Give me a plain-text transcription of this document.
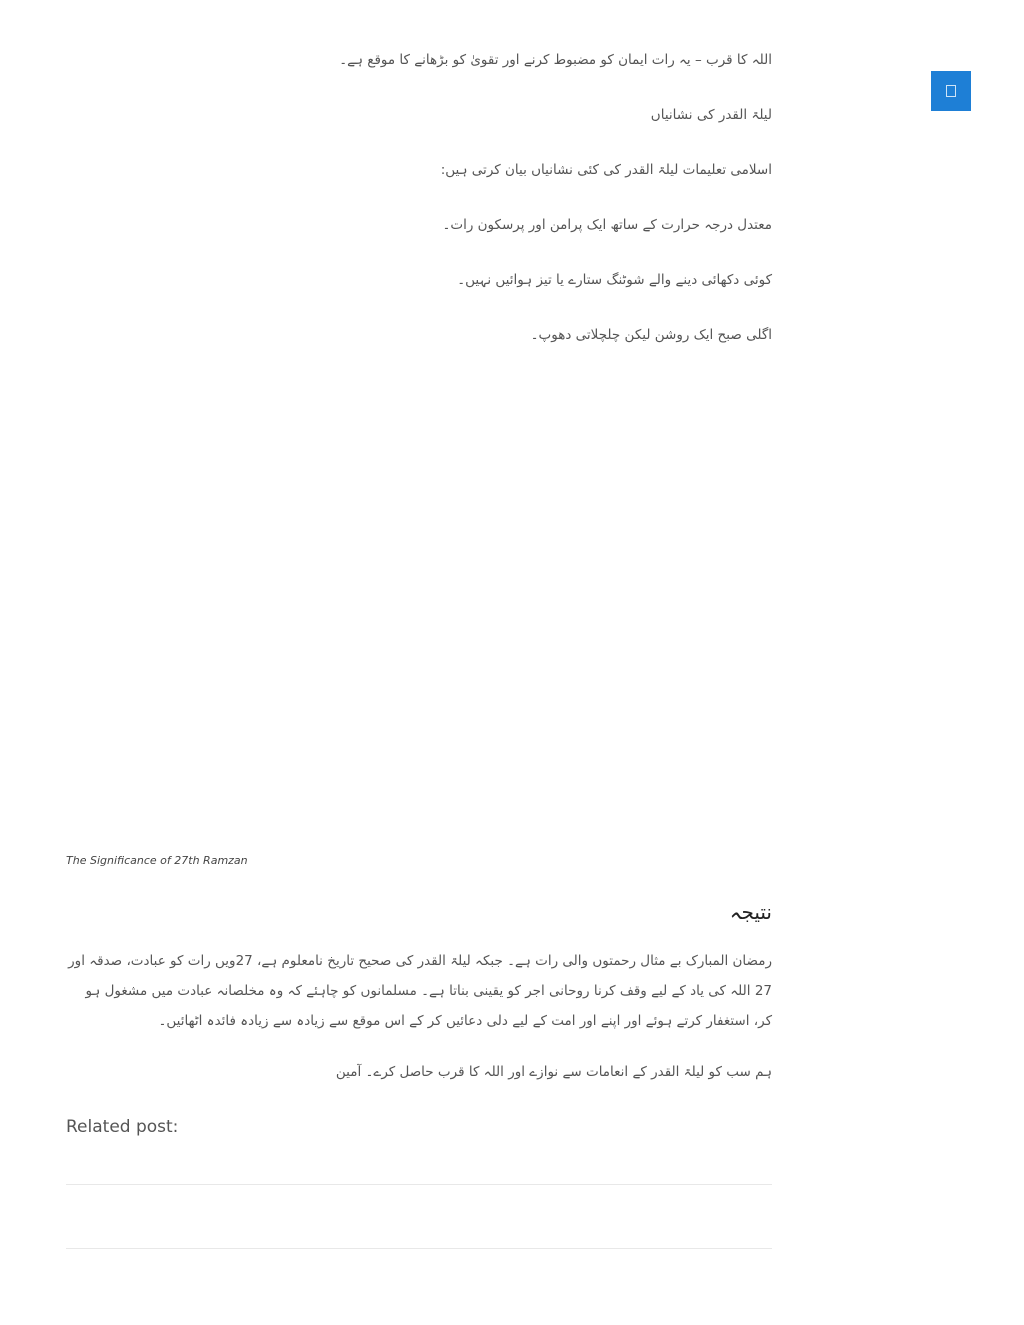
اللہ کا قرب – یہ رات ایمان کو مضبوط کرنے اور تقویٰ کو بڑھانے کا موقع ہے۔

لیلۃ القدر کی نشانیاں

اسلامی تعلیمات لیلۃ القدر کی کئی نشانیاں بیان کرتی ہیں:

معتدل درجہ حرارت کے ساتھ ایک پرامن اور پرسکون رات۔

کوئی دکھائی دینے والے شوٹنگ ستارے یا تیز ہوائیں نہیں۔

اگلی صبح ایک روشن لیکن چلچلاتی دھوپ۔

The Significance of 27th Ramzan
نتیجہ

رمضان المبارک بے مثال رحمتوں والی رات ہے۔ جبکہ لیلۃ القدر کی صحیح تاریخ نامعلوم ہے، 27ویں رات کو عبادت، صدقہ اور 27 اللہ کی یاد کے لیے وقف کرنا روحانی اجر کو یقینی بناتا ہے۔ مسلمانوں کو چاہئے کہ وہ مخلصانہ عبادت میں مشغول ہو کر، استغفار کرتے ہوئے اور اپنے اور امت کے لیے دلی دعائیں کر کے اس موقع سے زیادہ سے زیادہ فائدہ اٹھائیں۔

ہم سب کو لیلۃ القدر کے انعامات سے نوازے اور اللہ کا قرب حاصل کرے۔ آمین

Related post:
